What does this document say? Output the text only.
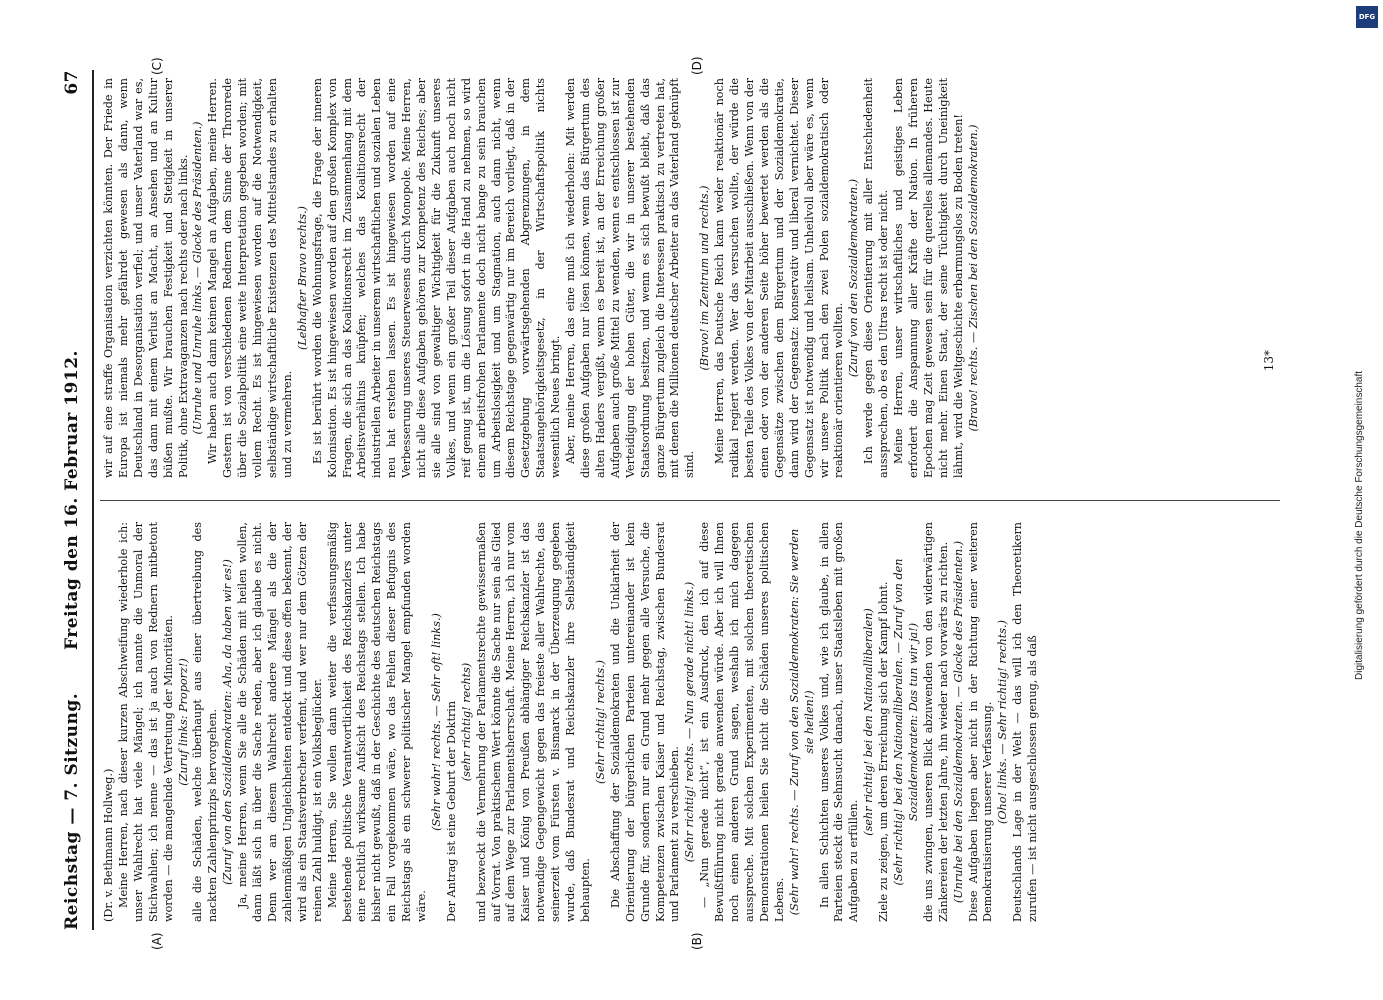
Reichstag — 7. Sitzung.
Freitag den 16. Februar 1912.
67
(A)	(B)
(C)	(D)

(Dr. v. Bethmann Hollweg.) Meine Herren, nach dieser kurzen Abschweifung wiederhole ich: unser Wahlrecht hat viele Mängel; ich nannte die Unmoral der Stichwahlen; ich nenne — das ist ja auch von Rednern mitbetont worden — die mangelnde Vertretung der Minoritäten. (Zuruf links: Proporz!) alle die Schäden, welche überhaupt aus einer übertreibung des nackten Zahlenprinzips hervorgehen. (Zuruf von den Sozialdemokraten: Aha, da haben wir es!) Ja, meine Herren, wenn Sie alle die Schäden mit heilen wollen, dann läßt sich in über die Sache reden, aber ich glaube es nicht. Denn wer an diesem Wahlrecht andere Mängel als die der zahlenmäßigen Ungleichheiten entdeckt und diese offen bekennt, der wird als ein Staatsverbrecher verfemt, und wer nur dem Götzen der reinen Zahl huldigt, ist ein Volksbeglücker. Meine Herren, Sie wollen dann weiter die verfassungsmäßig bestehende politische Verantwortlichkeit des Reichskanzlers unter eine rechtlich wirksame Aufsicht des Reichstags stellen. Ich habe bisher nicht gewußt, daß in der Geschichte des deutschen Reichstags ein Fall vorgekommen wäre, wo das Fehlen dieser Befugnis des Reichstags als ein schwerer politischer Mangel empfunden worden wäre.

(Sehr wahr! rechts. — Sehr oft! links.) Der Antrag ist eine Geburt der Doktrin (sehr richtig! rechts) und bezweckt die Vermehrung der Parlamentsrechte gewissermaßen auf Vorrat. Von praktischem Wert könnte die Sache nur sein als Glied auf dem Wege zur Parlamentsherrschaft. Meine Herren, ich nur vom Kaiser und König von Preußen abhängiger Reichskanzler ist das notwendige Gegengewicht gegen das freieste aller Wahlrechte, das seinerzeit vom Fürsten v. Bismarck in der Überzeugung gegeben wurde, daß Bundesrat und Reichskanzler ihre Selbständigkeit behaupten.

(Sehr richtig! rechts.) Die Abschaffung der Sozialdemokraten und die Unklarheit der Orientierung der bürgerlichen Parteien untereinander ist kein Grunde für, sondern nur ein Grund mehr gegen alle Versuche, die Kompetenzen zwischen Kaiser und Reichstag, zwischen Bundesrat und Parlament zu verschieben. (Sehr richtig! rechts. — Nun gerade nicht! links.) — „Nun gerade nicht“, ist ein Ausdruck, den ich auf diese Bewußtführung nicht gerade anwenden würde. Aber ich will Ihnen noch einen anderen Grund sagen, weshalb ich mich dagegen ausspreche. Mit solchen Experimenten, mit solchen theoretischen Demonstrationen heilen Sie nicht die Schäden unseres politischen Lebens. (Sehr wahr! rechts. — Zuruf von den Sozialdemokraten: Sie werden sie heilen!) In allen Schichten unseres Volkes und, wie ich glaube, in allen Parteien steckt die Sehnsucht danach, unser Staatsleben mit großen Aufgaben zu erfüllen.

(sehr richtig! bei den Nationalliberalen) Ziele zu zeigen, um deren Erreichung sich der Kampf lohnt. (Sehr richtig! bei den Nationalliberalen. — Zuruf von den Sozialdemokraten: Das tun wir ja!) die uns zwingen, unseren Blick abzuwenden von den widerwärtigen Zänkereien der letzten Jahre, ihn wieder nach vorwärts zu richten. (Unruhe bei den Sozialdemokraten. — Glocke des Präsidenten.) Diese Aufgaben liegen aber nicht in der Richtung einer weiteren Demokratisierung unserer Verfassung. (Oho! links. — Sehr richtig! rechts.) Deutschlands Lage in der Welt — das will ich den Theoretikern zurufen — ist nicht ausgeschlossen genug, als daß

wir auf eine straffe Organisation verzichten könnten. Der Friede in Europa ist niemals mehr gefährdet gewesen als dann, wenn Deutschland in Desorganisation verfiel; und unser Vaterland war es, das dann mit einem Verlust an Macht, an Ansehen und an Kultur büßen mußte. Wir brauchen Festigkeit und Stetigkeit in unserer Politik, ohne Extravaganzen nach rechts oder nach links. (Unruhe und Unruhe links. — Glocke des Präsidenten.) Wir haben auch dann keinen Mangel an Aufgaben, meine Herren. Gestern ist von verschiedenen Rednern dem Sinne der Thronrede über die Sozialpolitik eine weite Interpretation gegeben worden; mit vollem Recht. Es ist hingewiesen worden auf die Notwendigkeit, selbständige wirtschaftliche Existenzen des Mittelstandes zu erhalten und zu vermehren.

(Lebhafter Bravo rechts.) Es ist berührt worden die Wohnungsfrage, die Frage der inneren Kolonisation. Es ist hingewiesen worden auf den großen Komplex von Fragen, die sich an das Koalitionsrecht im Zusammenhang mit dem Arbeitsverhältnis knüpfen; welches das Koalitionsrecht der industriellen Arbeiter in unserem wirtschaftlichen und sozialen Leben neu hat erstehen lassen. Es ist hingewiesen worden auf eine Verbesserung unseres Steuerwesens durch Monopole. Meine Herren, nicht alle diese Aufgaben gehören zur Kompetenz des Reiches; aber sie alle sind von gewaltiger Wichtigkeit für die Zukunft unseres Volkes, und wenn ein großer Teil dieser Aufgaben auch noch nicht reif genug ist, um die Lösung sofort in die Hand zu nehmen, so wird einem arbeitsfrohen Parlamente doch nicht bange zu sein brauchen um Arbeitslosigkeit und um Stagnation, auch dann nicht, wenn diesem Reichstage gegenwärtig nur im Bereich vorliegt, daß in der Gesetzgebung vorwärtsgehenden Abgrenzungen, in dem Staatsangehörigkeitsgesetz, in der Wirtschaftspolitik nichts wesentlich Neues bringt. Aber, meine Herren, das eine muß ich wiederholen: Mit werden diese großen Aufgaben nur lösen können, wenn das Bürgertum des alten Haders vergißt, wenn es bereit ist, an der Erreichung großer Aufgaben auch große Mittel zu wenden, wenn es entschlossen ist zur Verteidigung der hohen Güter, die wir in unserer bestehenden Staatsordnung besitzen, und wenn es sich bewußt bleibt, daß das ganze Bürgertum zugleich die Interessen praktisch zu vertreten hat, mit denen die Millionen deutscher Arbeiter an das Vaterland geknüpft sind.

(Bravo! im Zentrum und rechts.) Meine Herren, das Deutsche Reich kann weder reaktionär noch radikal regiert werden. Wer das versuchen wollte, der würde die besten Teile des Volkes von der Mitarbeit ausschließen. Wenn von der einen oder von der anderen Seite höher bewertet werden als die Gegensätze zwischen dem Bürgertum und der Sozialdemokratie, dann wird der Gegensatz: konservativ und liberal vernichtet. Dieser Gegensatz ist notwendig und heilsam. Unheilvoll aber wäre es, wenn wir unsere Politik nach den zwei Polen sozialdemokratisch oder reaktionär orientieren wollten.

(Zuruf von den Sozialdemokraten.) Ich werde gegen diese Orientierung mit aller Entschiedenheit aussprechen, ob es den Ultras recht ist oder nicht. Meine Herren, unser wirtschaftliches und geistiges Leben erfordert die Anspannung aller Kräfte der Nation. In früheren Epochen mag Zeit gewesen sein für die querelles allemandes. Heute nicht mehr. Einen Staat, der seine Tüchtigkeit durch Uneinigkeit lähmt, wird die Weltgeschichte erbarmungslos zu Boden treten! (Bravo! rechts. — Zischen bei den Sozialdemokraten.)	13*
DFG
Digitalisierung gefördert durch die Deutsche Forschungsgemeinschaft
